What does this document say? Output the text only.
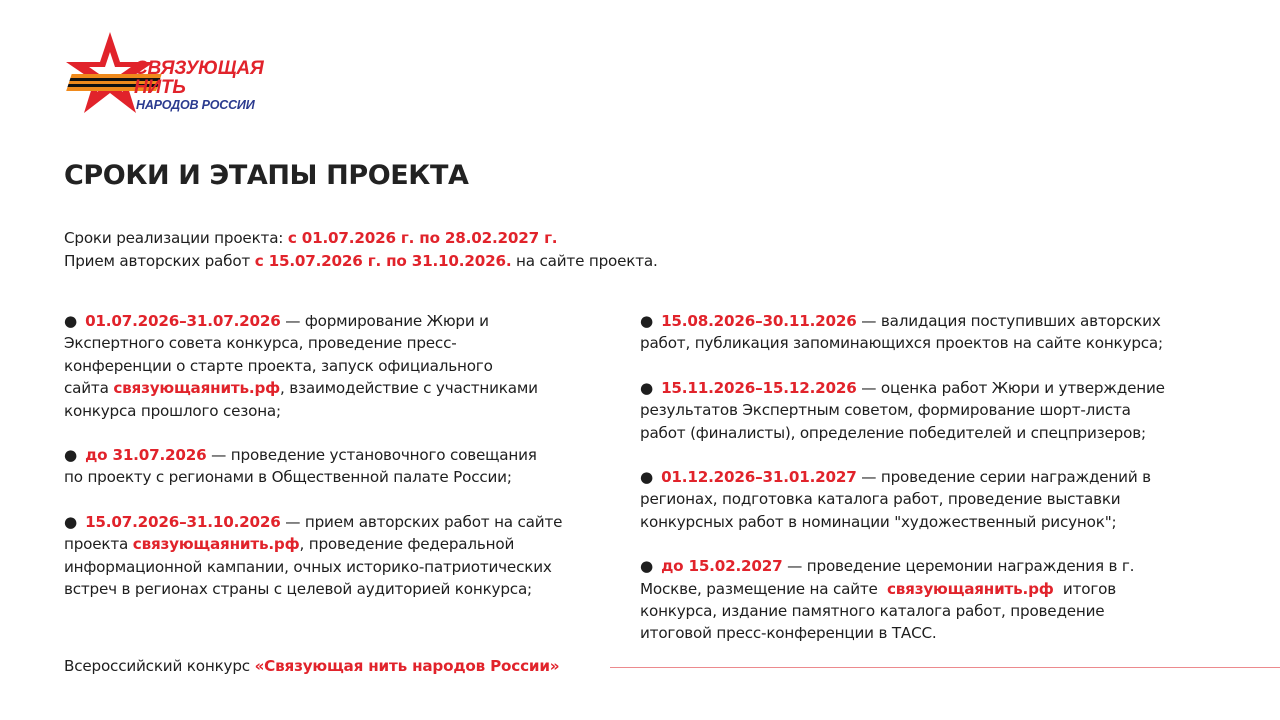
СВЯЗУЮЩАЯ
НИТЬ
НАРОДОВ РОССИИ
СРОКИ И ЭТАПЫ ПРОЕКТА
Сроки реализации проекта: с 01.07.2026 г. по 28.02.2027 г.
Прием авторских работ с 15.07.2026 г. по 31.10.2026. на сайте проекта.
● 01.07.2026–31.07.2026 — формирование Жюри и
Экспертного совета конкурса, проведение пресс-
конференции о старте проекта, запуск официального
сайта связующаянить.рф, взаимодействие с участниками
конкурса прошлого сезона;
● до 31.07.2026 — проведение установочного совещания
по проекту с регионами в Общественной палате России;
● 15.07.2026–31.10.2026 — прием авторских работ на сайте
проекта связующаянить.рф, проведение федеральной
информационной кампании, очных историко-патриотических
встреч в регионах страны с целевой аудиторией конкурса;
● 15.08.2026–30.11.2026 — валидация поступивших авторских
работ, публикация запоминающихся проектов на сайте конкурса;
● 15.11.2026–15.12.2026 — оценка работ Жюри и утверждение
результатов Экспертным советом, формирование шорт-листа
работ (финалисты), определение победителей и спецпризеров;
● 01.12.2026–31.01.2027 — проведение серии награждений в
регионах, подготовка каталога работ, проведение выставки
конкурсных работ в номинации "художественный рисунок";
● до 15.02.2027 — проведение церемонии награждения в г.
Москве, размещение на сайте  связующаянить.рф  итогов
конкурса, издание памятного каталога работ, проведение
итоговой пресс-конференции в ТАСС.
Всероссийский конкурс «Связующая нить народов России»
